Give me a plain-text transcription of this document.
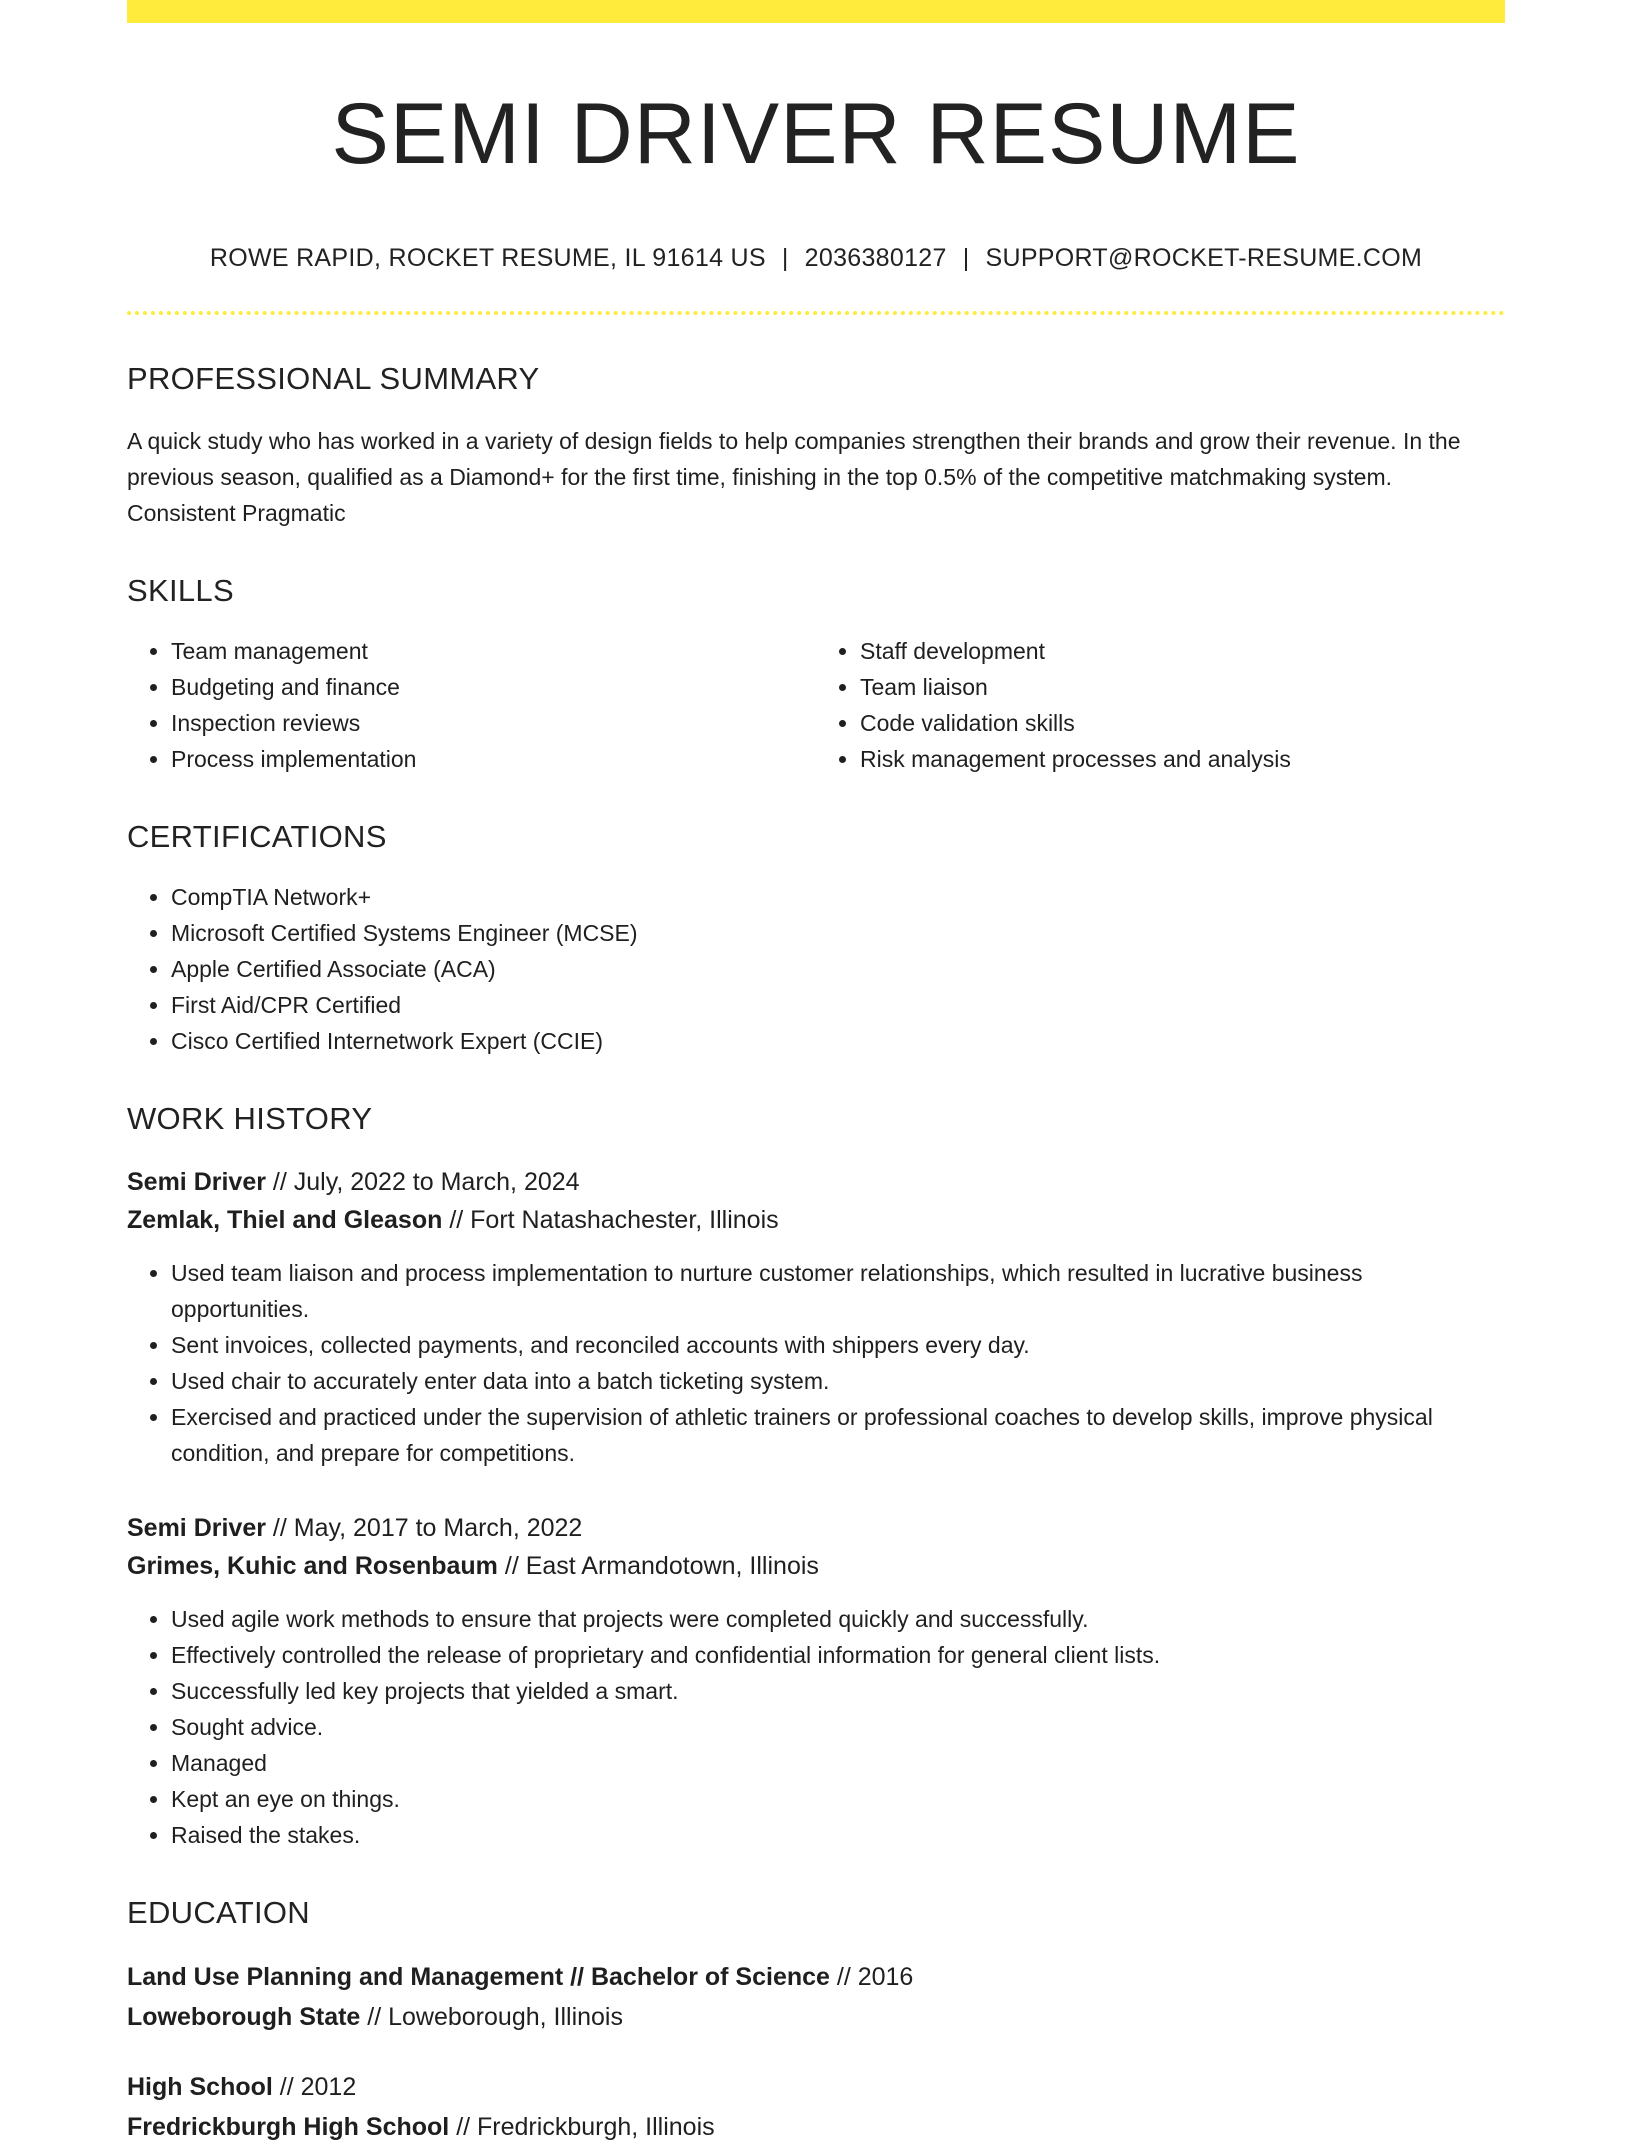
SEMI DRIVER RESUME
ROWE RAPID, ROCKET RESUME, IL 91614 US | 2036380127 | SUPPORT@ROCKET-RESUME.COM
PROFESSIONAL SUMMARY
A quick study who has worked in a variety of design fields to help companies strengthen their brands and grow their revenue. In the previous season, qualified as a Diamond+ for the first time, finishing in the top 0.5% of the competitive matchmaking system. Consistent Pragmatic
SKILLS
• Team management
• Budgeting and finance
• Inspection reviews
• Process implementation
• Staff development
• Team liaison
• Code validation skills
• Risk management processes and analysis
CERTIFICATIONS
• CompTIA Network+
• Microsoft Certified Systems Engineer (MCSE)
• Apple Certified Associate (ACA)
• First Aid/CPR Certified
• Cisco Certified Internetwork Expert (CCIE)
WORK HISTORY
Semi Driver // July, 2022 to March, 2024
Zemlak, Thiel and Gleason // Fort Natashachester, Illinois
• Used team liaison and process implementation to nurture customer relationships, which resulted in lucrative business opportunities.
• Sent invoices, collected payments, and reconciled accounts with shippers every day.
• Used chair to accurately enter data into a batch ticketing system.
• Exercised and practiced under the supervision of athletic trainers or professional coaches to develop skills, improve physical condition, and prepare for competitions.
Semi Driver // May, 2017 to March, 2022
Grimes, Kuhic and Rosenbaum // East Armandotown, Illinois
• Used agile work methods to ensure that projects were completed quickly and successfully.
• Effectively controlled the release of proprietary and confidential information for general client lists.
• Successfully led key projects that yielded a smart.
• Sought advice.
• Managed
• Kept an eye on things.
• Raised the stakes.
EDUCATION
Land Use Planning and Management // Bachelor of Science // 2016
Loweborough State // Loweborough, Illinois
High School // 2012
Fredrickburgh High School // Fredrickburgh, Illinois
